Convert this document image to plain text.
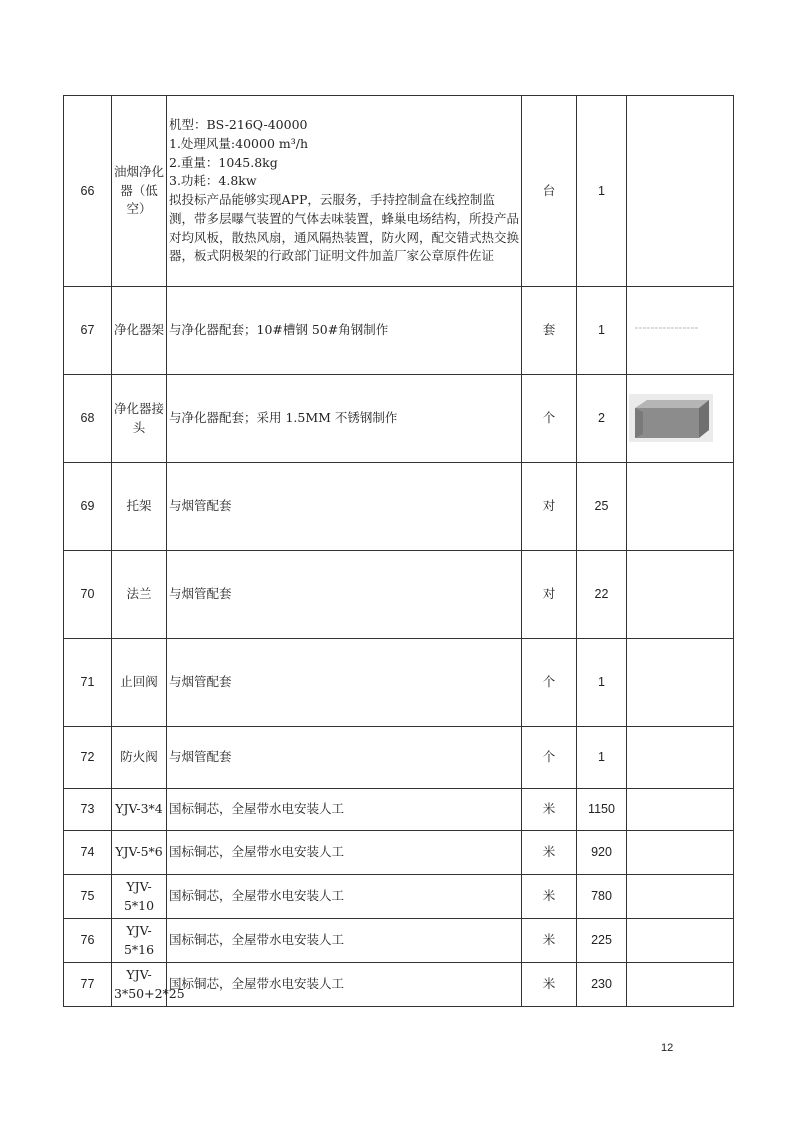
66	油烟净化器（低空）	机型：BS-216Q-40000
1.处理风量:40000 m³/h
2.重量：1045.8kg
3.功耗：4.8kw
拟投标产品能够实现APP，云服务，手持控制盒在线控制监测，带多层曝气装置的气体去味装置，蜂巢电场结构，所投产品对均风板，散热风扇，通风隔热装置，防火网，配交错式热交换器，板式阴极架的行政部门证明文件加盖厂家公章原件佐证	台	1	
67	净化器架	与净化器配套；10#槽钢 50#角钢制作	套	1	

68	净化器接头	与净化器配套；采用 1.5MM 不锈钢制作	个	2	

69	托架	与烟管配套	对	25	
70	法兰	与烟管配套	对	22	
71	止回阀	与烟管配套	个	1	
72	防火阀	与烟管配套	个	1	
73	YJV-3*4	国标铜芯，全屋带水电安装人工	米	1150	
74	YJV-5*6	国标铜芯，全屋带水电安装人工	米	920	
75	YJV-5*10	国标铜芯，全屋带水电安装人工	米	780	
76	YJV-5*16	国标铜芯，全屋带水电安装人工	米	225	
77	YJV-3*50+2*25	国标铜芯，全屋带水电安装人工	米	230	
12
